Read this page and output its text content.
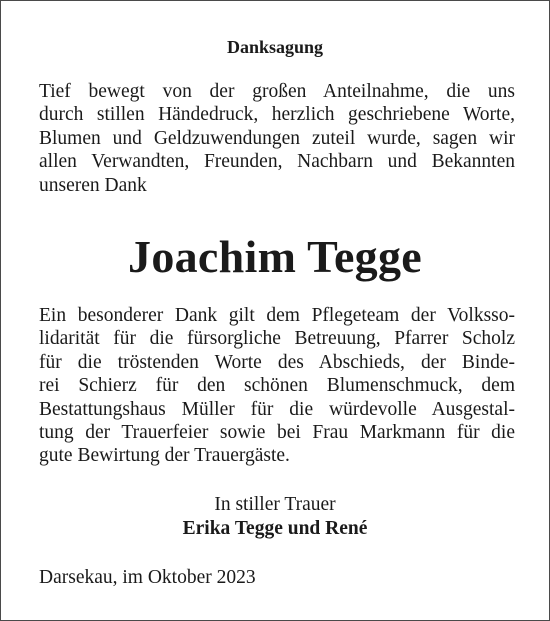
Danksagung
Tief bewegt von der großen Anteilnahme, die uns
durch stillen Händedruck, herzlich geschriebene Worte,
Blumen und Geldzuwendungen zuteil wurde, sagen wir
allen Verwandten, Freunden, Nachbarn und Bekannten
unseren Dank
Joachim Tegge
Ein besonderer Dank gilt dem Pflegeteam der Volksso-
lidarität für die fürsorgliche Betreuung, Pfarrer Scholz
für die tröstenden Worte des Abschieds, der Binde-
rei Schierz für den schönen Blumenschmuck, dem
Bestattungshaus Müller für die würdevolle Ausgestal-
tung der Trauerfeier sowie bei Frau Markmann für die
gute Bewirtung der Trauergäste.
In stiller Trauer
Erika Tegge und René
Darsekau, im Oktober 2023
